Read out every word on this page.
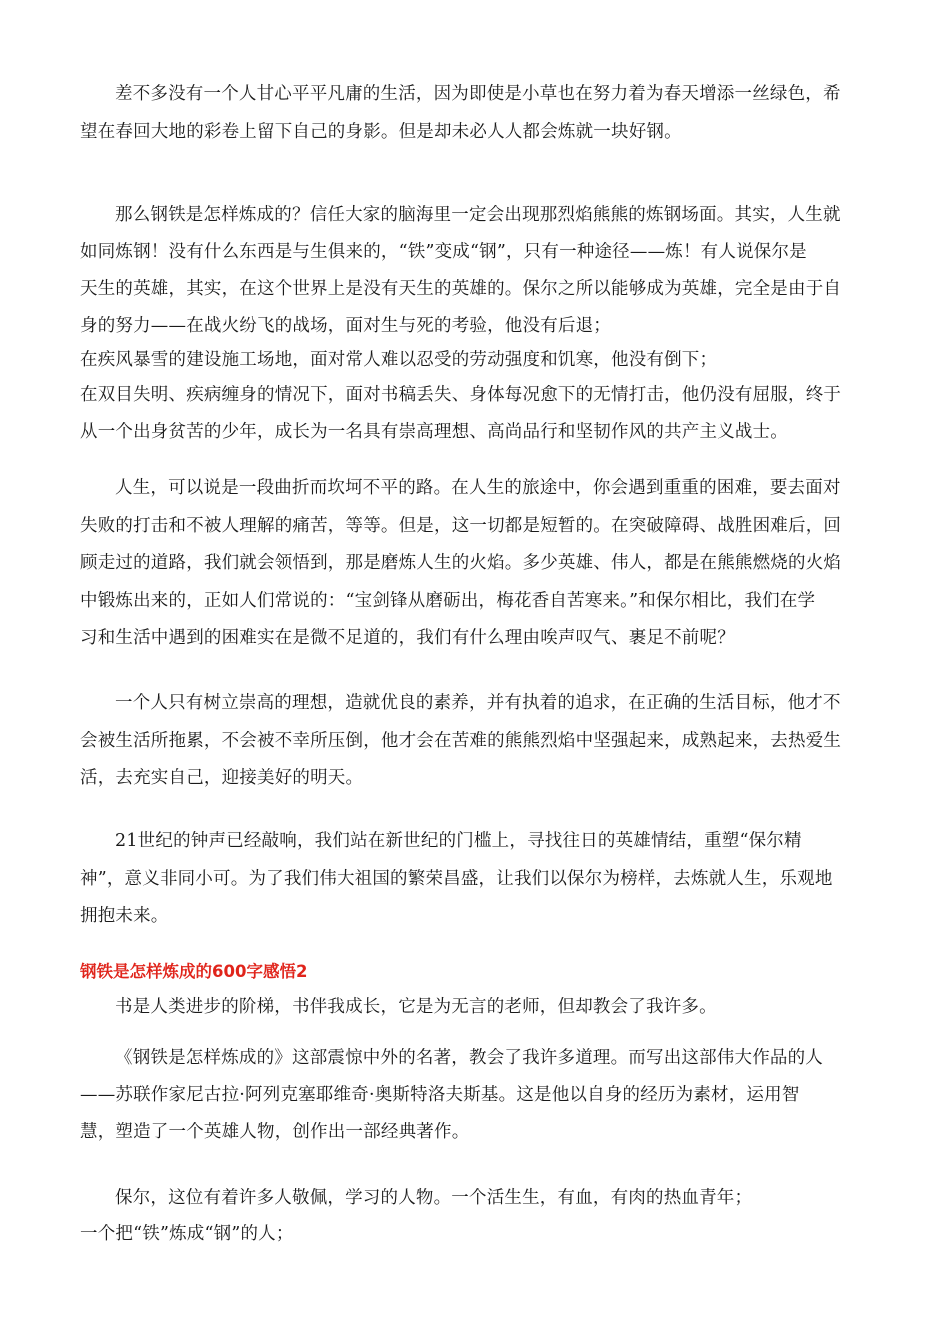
差不多没有一个人甘心平平凡庸的生活，因为即使是小草也在努力着为春天增添一丝绿色，希
望在春回大地的彩卷上留下自己的身影。但是却未必人人都会炼就一块好钢。
那么钢铁是怎样炼成的？信任大家的脑海里一定会出现那烈焰熊熊的炼钢场面。其实，人生就
如同炼钢！没有什么东西是与生俱来的，“铁”变成“钢”，只有一种途径——炼！有人说保尔是
天生的英雄，其实，在这个世界上是没有天生的英雄的。保尔之所以能够成为英雄，完全是由于自
身的努力——在战火纷飞的战场，面对生与死的考验，他没有后退；
在疾风暴雪的建设施工场地，面对常人难以忍受的劳动强度和饥寒，他没有倒下；
在双目失明、疾病缠身的情况下，面对书稿丢失、身体每况愈下的无情打击，他仍没有屈服，终于
从一个出身贫苦的少年，成长为一名具有崇高理想、高尚品行和坚韧作风的共产主义战士。
人生，可以说是一段曲折而坎坷不平的路。在人生的旅途中，你会遇到重重的困难，要去面对
失败的打击和不被人理解的痛苦，等等。但是，这一切都是短暂的。在突破障碍、战胜困难后，回
顾走过的道路，我们就会领悟到，那是磨炼人生的火焰。多少英雄、伟人，都是在熊熊燃烧的火焰
中锻炼出来的，正如人们常说的：“宝剑锋从磨砺出，梅花香自苦寒来。”和保尔相比，我们在学
习和生活中遇到的困难实在是微不足道的，我们有什么理由唉声叹气、裹足不前呢？
一个人只有树立崇高的理想，造就优良的素养，并有执着的追求，在正确的生活目标，他才不
会被生活所拖累，不会被不幸所压倒，他才会在苦难的熊熊烈焰中坚强起来，成熟起来，去热爱生
活，去充实自己，迎接美好的明天。
21世纪的钟声已经敲响，我们站在新世纪的门槛上，寻找往日的英雄情结，重塑“保尔精
神”，意义非同小可。为了我们伟大祖国的繁荣昌盛，让我们以保尔为榜样，去炼就人生，乐观地
拥抱未来。
钢铁是怎样炼成的600字感悟2
书是人类进步的阶梯，书伴我成长，它是为无言的老师，但却教会了我许多。
《钢铁是怎样炼成的》这部震惊中外的名著，教会了我许多道理。而写出这部伟大作品的人
——苏联作家尼古拉·阿列克塞耶维奇·奥斯特洛夫斯基。这是他以自身的经历为素材，运用智
慧，塑造了一个英雄人物，创作出一部经典著作。
保尔，这位有着许多人敬佩，学习的人物。一个活生生，有血，有肉的热血青年；
一个把“铁”炼成“钢”的人；
